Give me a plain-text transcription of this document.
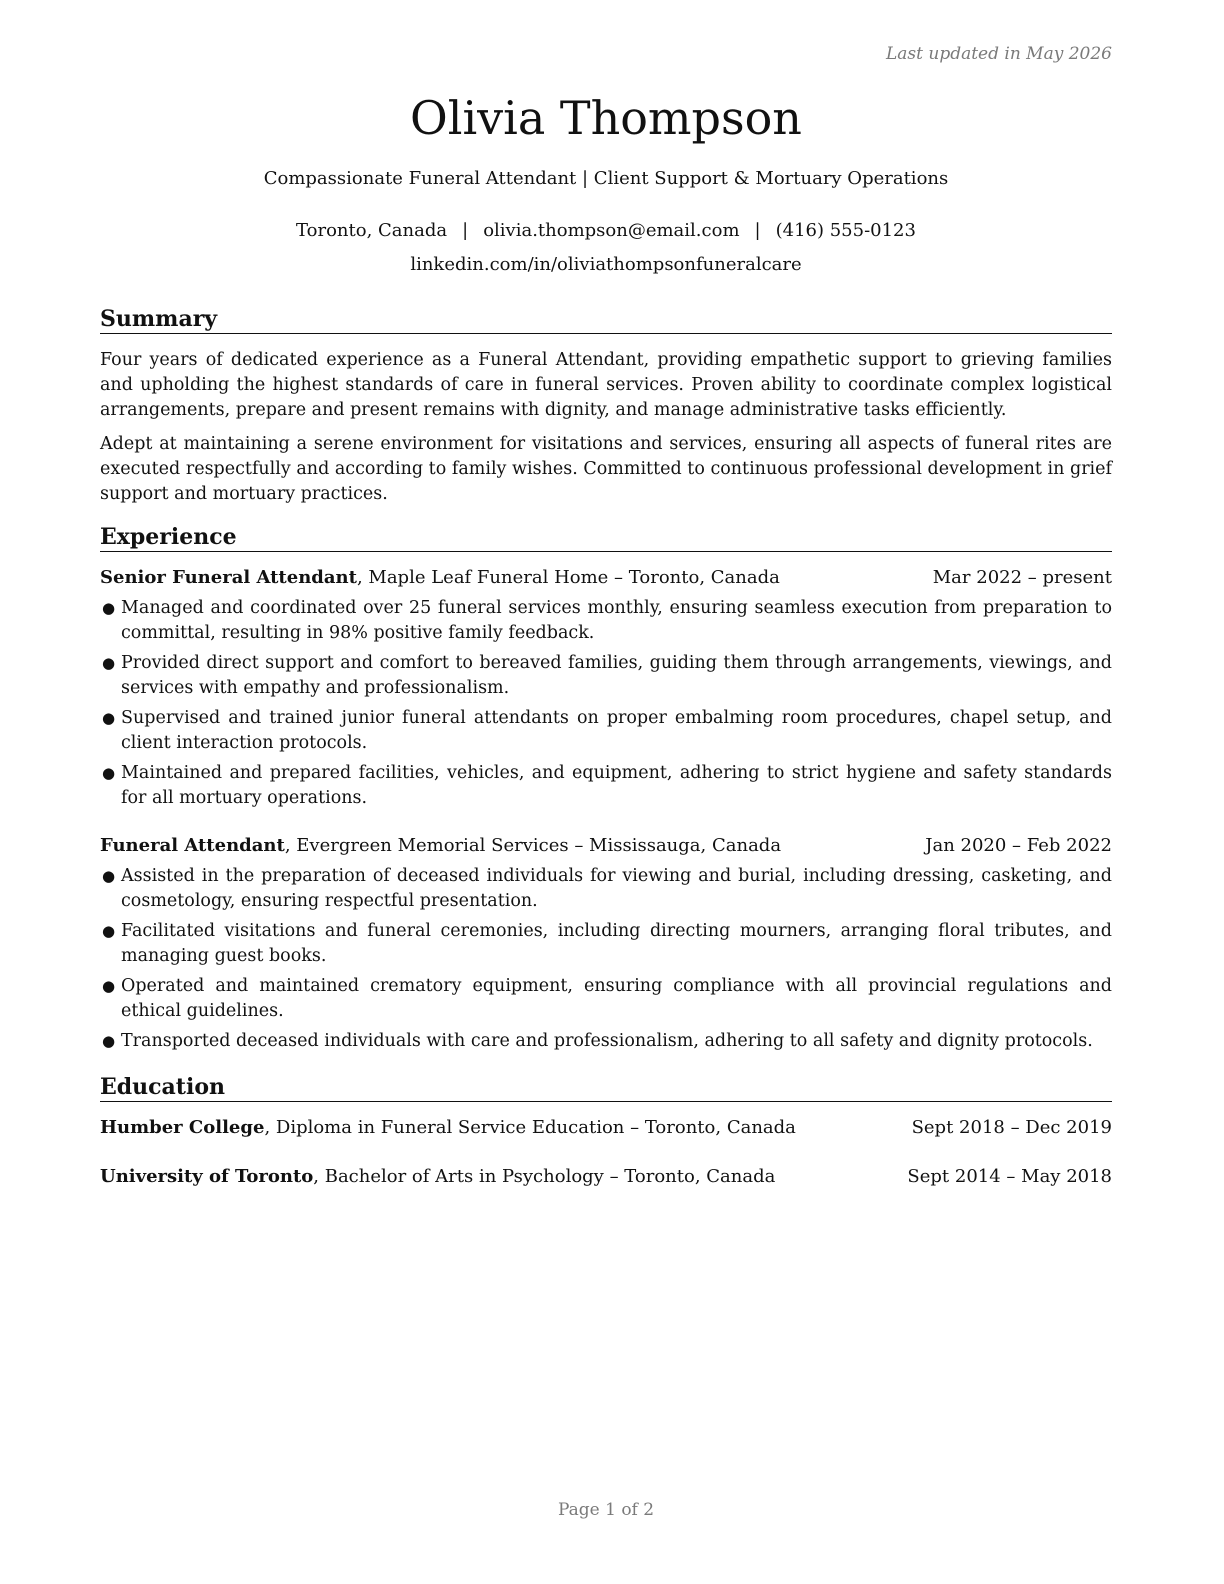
Last updated in May 2026
Olivia Thompson
Compassionate Funeral Attendant | Client Support & Mortuary Operations
Toronto, Canada | olivia.thompson@email.com | (416) 555-0123
linkedin.com/in/oliviathompsonfuneralcare
Summary
Four years of dedicated experience as a Funeral Attendant, providing empathetic support to grieving families and upholding the highest standards of care in funeral services. Proven ability to coordinate complex logistical arrangements, prepare and present remains with dignity, and manage administrative tasks efficiently.
Adept at maintaining a serene environment for visitations and services, ensuring all aspects of funeral rites are executed respectfully and according to family wishes. Committed to continuous professional development in grief support and mortuary practices.
Experience
Senior Funeral Attendant, Maple Leaf Funeral Home – Toronto, Canada	Mar 2022 – present
● Managed and coordinated over 25 funeral services monthly, ensuring seamless execution from preparation to committal, resulting in 98% positive family feedback.
● Provided direct support and comfort to bereaved families, guiding them through arrangements, viewings, and services with empathy and professionalism.
● Supervised and trained junior funeral attendants on proper embalming room procedures, chapel setup, and client interaction protocols.
● Maintained and prepared facilities, vehicles, and equipment, adhering to strict hygiene and safety standards for all mortuary operations.
Funeral Attendant, Evergreen Memorial Services – Mississauga, Canada	Jan 2020 – Feb 2022
● Assisted in the preparation of deceased individuals for viewing and burial, including dressing, casketing, and cosmetology, ensuring respectful presentation.
● Facilitated visitations and funeral ceremonies, including directing mourners, arranging floral tributes, and managing guest books.
● Operated and maintained crematory equipment, ensuring compliance with all provincial regulations and ethical guidelines.
● Transported deceased individuals with care and professionalism, adhering to all safety and dignity protocols.
Education
Humber College, Diploma in Funeral Service Education – Toronto, Canada	Sept 2018 – Dec 2019
University of Toronto, Bachelor of Arts in Psychology – Toronto, Canada	Sept 2014 – May 2018
Page 1 of 2
